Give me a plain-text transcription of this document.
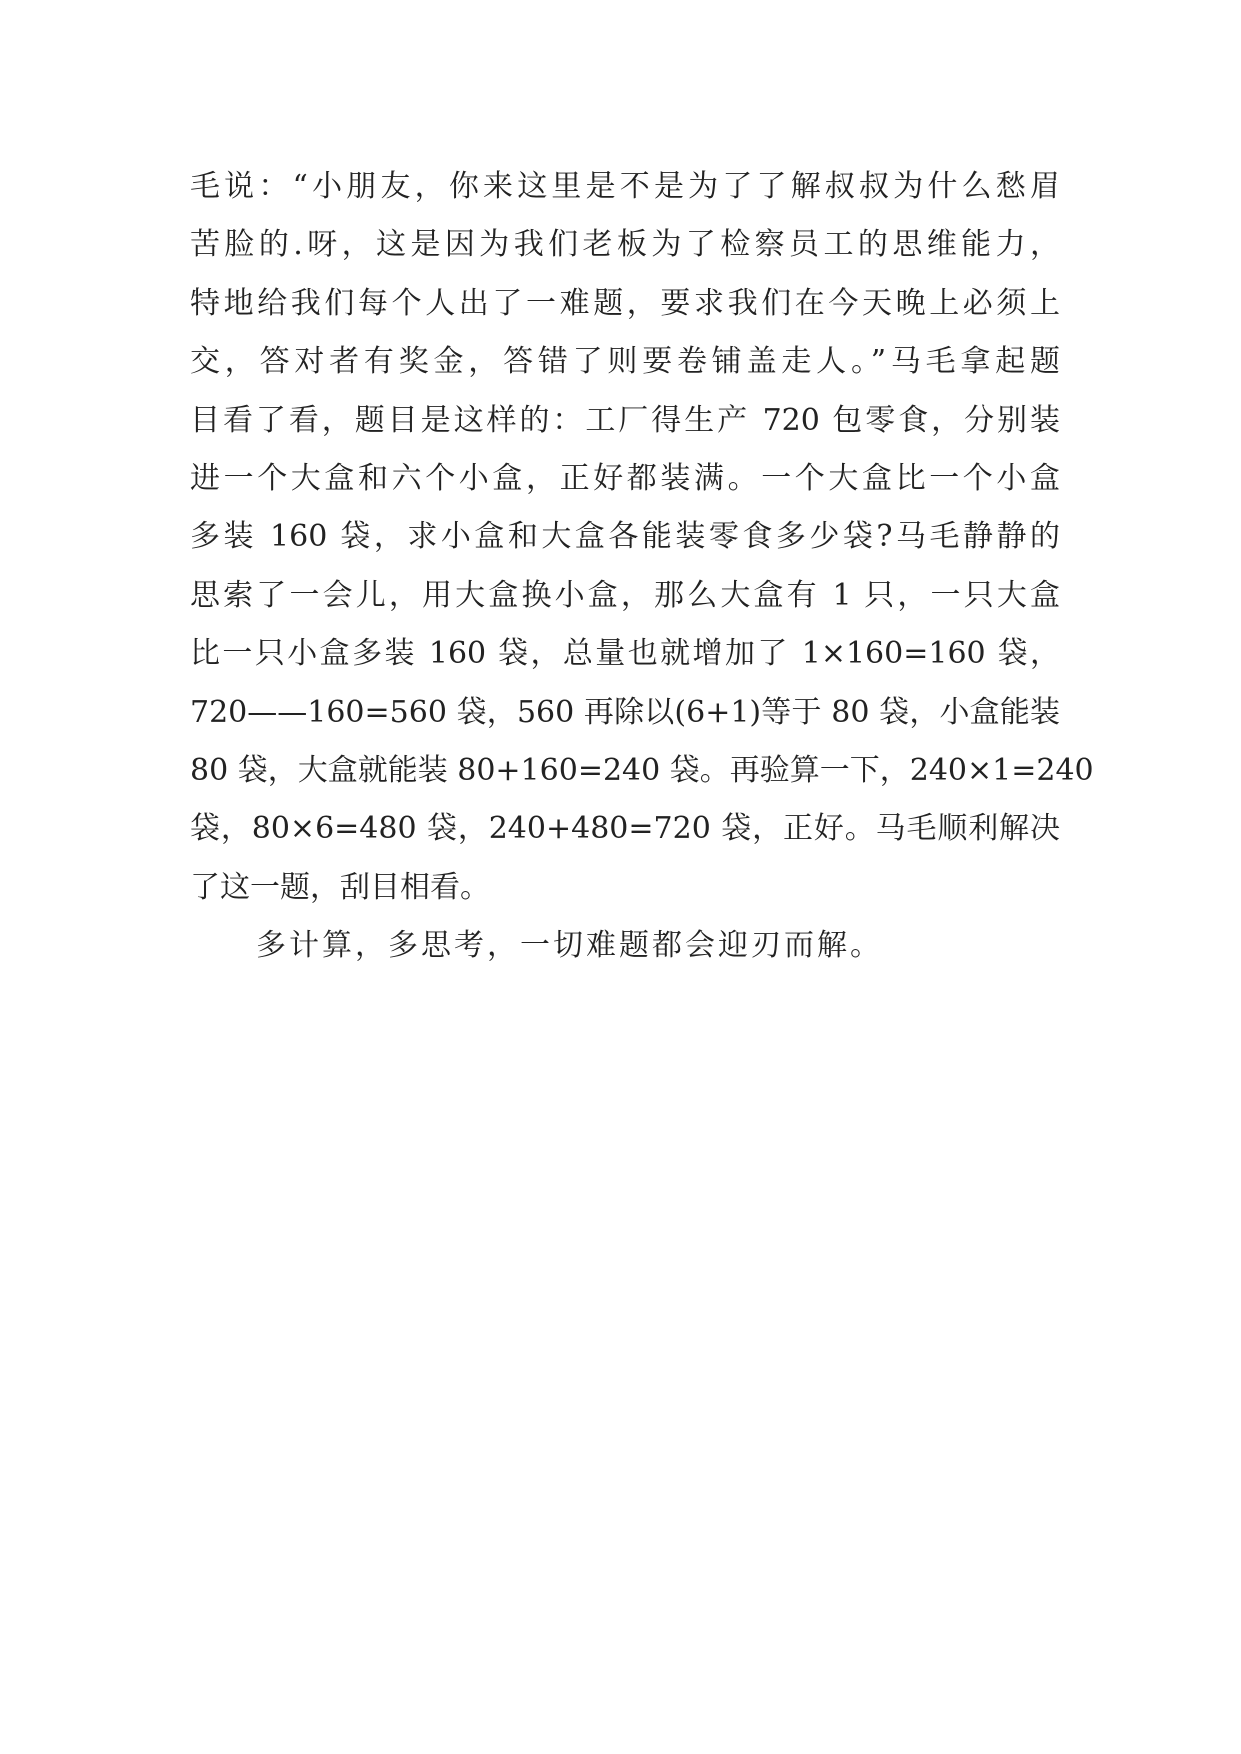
毛说：“小朋友，你来这里是不是为了了解叔叔为什么愁眉
苦脸的.呀，这是因为我们老板为了检察员工的思维能力，
特地给我们每个人出了一难题，要求我们在今天晚上必须上
交，答对者有奖金，答错了则要卷铺盖走人。”马毛拿起题
目看了看，题目是这样的：工厂得生产 720 包零食，分别装
进一个大盒和六个小盒，正好都装满。一个大盒比一个小盒
多装 160 袋，求小盒和大盒各能装零食多少袋?马毛静静的
思索了一会儿，用大盒换小盒，那么大盒有 1 只，一只大盒
比一只小盒多装 160 袋，总量也就增加了 1×160=160 袋，
720——160=560 袋，560 再除以(6+1)等于 80 袋，小盒能装
80 袋，大盒就能装 80+160=240 袋。再验算一下，240×1=240
袋，80×6=480 袋，240+480=720 袋，正好。马毛顺利解决
了这一题，刮目相看。
多计算，多思考，一切难题都会迎刃而解。
